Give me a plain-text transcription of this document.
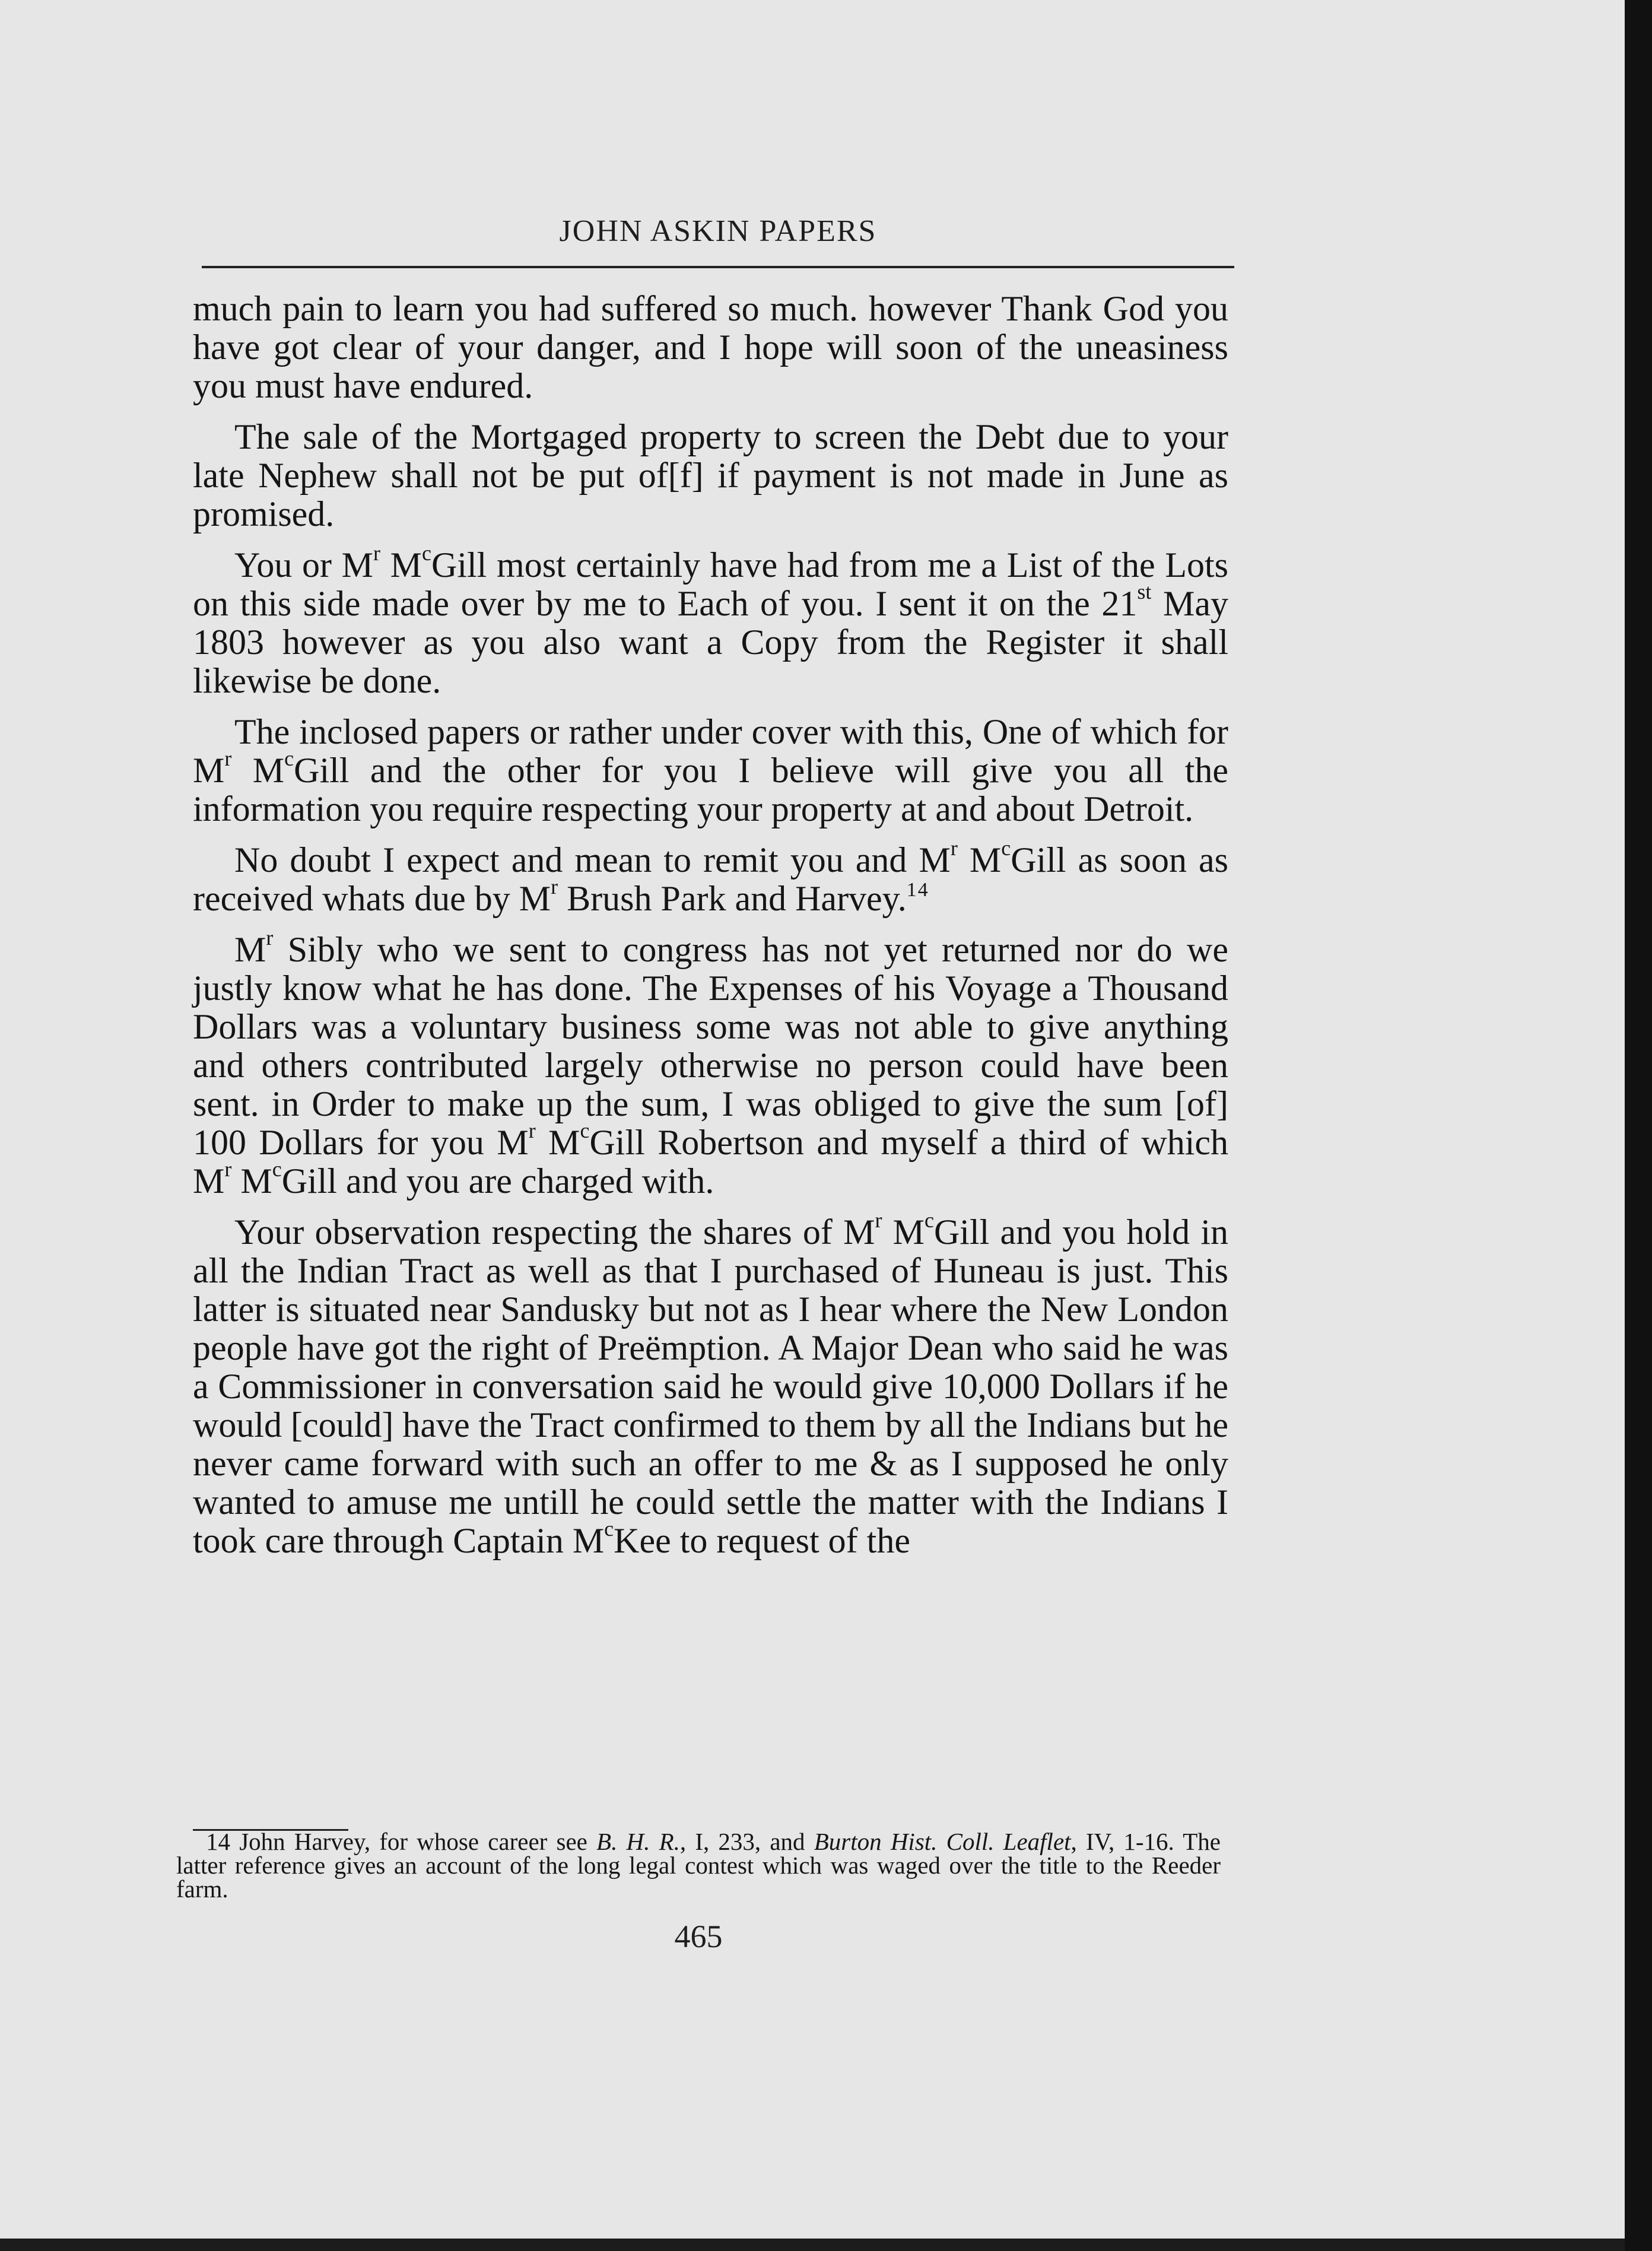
JOHN ASKIN PAPERS

much pain to learn you had suffered so much. however Thank God you have got clear of your danger, and I hope will soon of the uneasiness you must have endured.

The sale of the Mortgaged property to screen the Debt due to your late Nephew shall not be put of[f] if payment is not made in June as promised.

You or $M^r$ $M^cGill$ most certainly have had from me a List of the Lots on this side made over by me to Each of you. I sent it on the 21st May 1803 however as you also want a Copy from the Register it shall likewise be done.

The inclosed papers or rather under cover with this, One of which for $M^r$ $M^cGill$ and the other for you I believe will give you all the information you require respecting your property at and about Detroit.

No doubt I expect and mean to remit you and $M^r$ $M^cGill$ as soon as received whats due by $M^r$ Brush Park and Harvey.$^{14}$

$M^r$ Sibly who we sent to congress has not yet returned nor do we justly know what he has done. The Expenses of his Voyage a Thousand Dollars was a voluntary business some was not able to give anything and others contributed largely otherwise no person could have been sent. in Order to make up the sum, I was obliged to give the sum [of] 100 Dollars for you $M^r$ $M^cGill$ Robertson and myself a third of which $M^r$ $M^cGill$ and you are charged with.

Your observation respecting the shares of $M^r$ $M^cGill$ and you hold in all the Indian Tract as well as that I purchased of Huneau is just. This latter is situated near Sandusky but not as I hear where the New London people have got the right of Preëmption. A Major Dean who said he was a Commissioner in conversation said he would give 10,000 Dollars if he would [could] have the Tract confirmed to them by all the Indians but he never came forward with such an offer to me & as I supposed he only wanted to amuse me untill he could settle the matter with the Indians I took care through Captain $M^cKee$ to request of the

14 John Harvey, for whose career see B. H. R., I, 233, and Burton Hist. Coll. Leaflet, IV, 1-16. The latter reference gives an account of the long legal contest which was waged over the title to the Reeder farm.
465
